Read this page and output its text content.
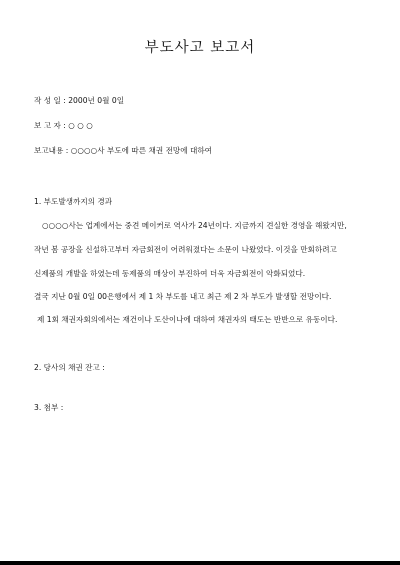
부도사고 보고서
작 성 일 : 2000년 0월 0일
보 고 자 : ○ ○ ○
보고내용 : ○○○○사 부도에 따른 채권 전망에 대하여
1. 부도발생까지의 경과
○○○○사는 업계에서는 중견 메이커로 역사가 24년이다. 지금까지 견실한 경영을 해왔지만,
작년 봄 공장을 신설하고부터 자금회전이 어려워졌다는 소문이 나왔었다. 이것을 만회하려고
신제품의 개발을 하였는데 동제품의 매상이 부진하여 더욱 자금회전이 악화되었다.
결국 지난 0월 0일 00은행에서 제 1 차 부도를 내고 최근 제 2 차 부도가 발생할 전망이다.
제 1회 채권자회의에서는 재건이나 도산이나에 대하여 채권자의 태도는 반반으로 유동이다.
2. 당사의 채권 잔고 :
3. 첨부 :
